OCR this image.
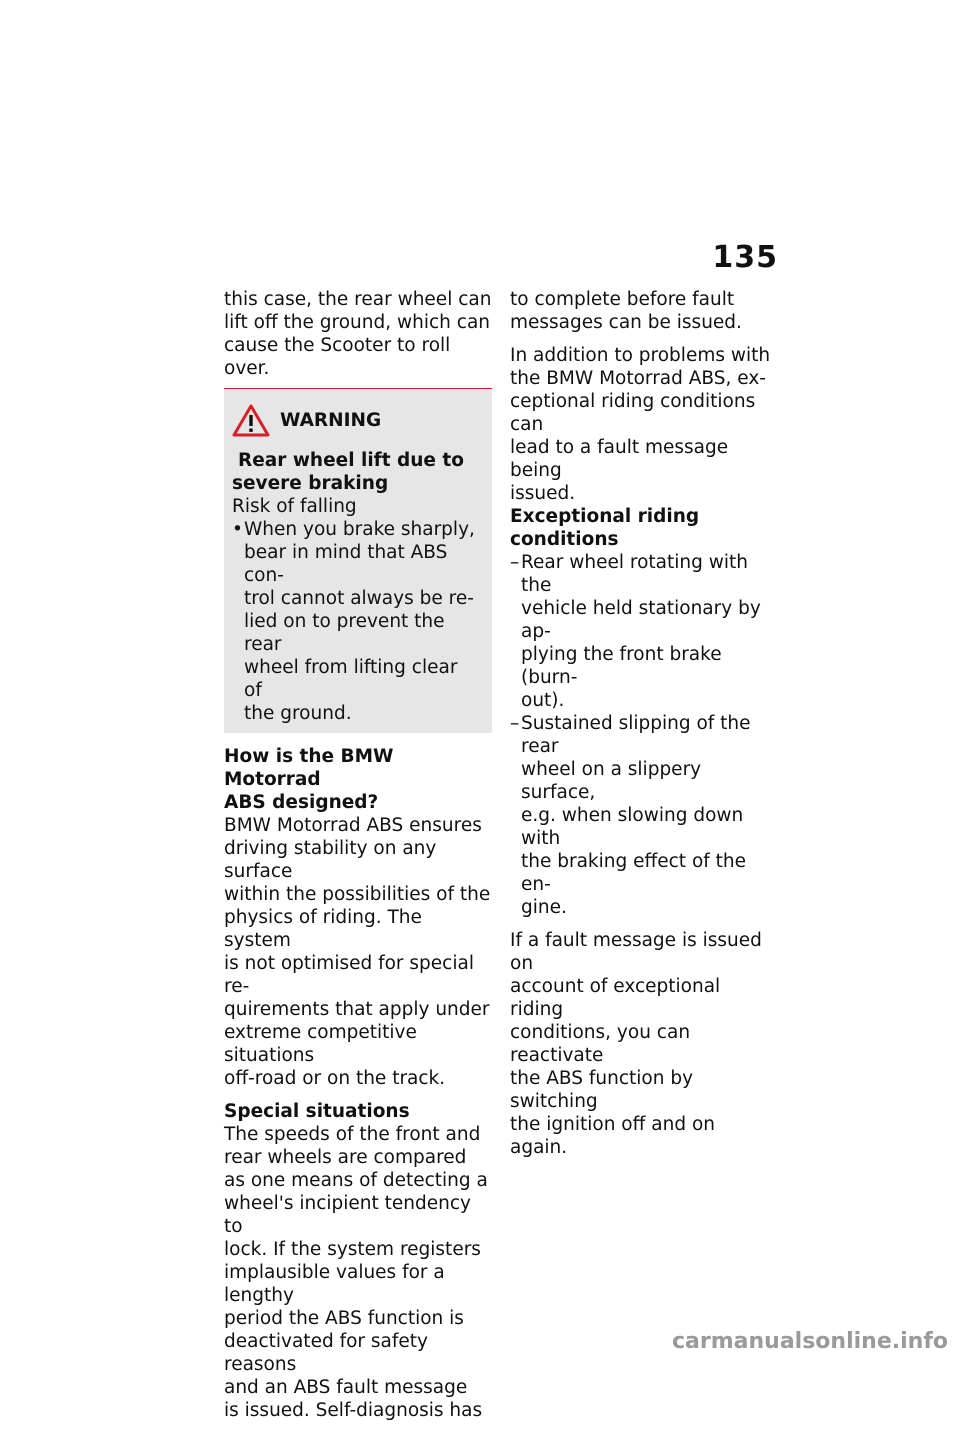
135

this case, the rear wheel can
lift off the ground, which can
cause the Scooter to roll over.

WARNING
Rear wheel lift due to
severe braking
Risk of falling
• When you brake sharply,
bear in mind that ABS con-
trol cannot always be re-
lied on to prevent the rear
wheel from lifting clear of
the ground.

How is the BMW Motorrad
ABS designed?
BMW Motorrad ABS ensures
driving stability on any surface
within the possibilities of the
physics of riding. The system
is not optimised for special re-
quirements that apply under
extreme competitive situations
off-road or on the track.

Special situations
The speeds of the front and
rear wheels are compared
as one means of detecting a
wheel's incipient tendency to
lock. If the system registers
implausible values for a lengthy
period the ABS function is
deactivated for safety reasons
and an ABS fault message
is issued. Self-diagnosis has

to complete before fault
messages can be issued.

In addition to problems with
the BMW Motorrad ABS, ex-
ceptional riding conditions can
lead to a fault message being
issued.

Exceptional riding conditions
– Rear wheel rotating with the
vehicle held stationary by ap-
plying the front brake (burn-
out).
– Sustained slipping of the rear
wheel on a slippery surface,
e.g. when slowing down with
the braking effect of the en-
gine.

If a fault message is issued on
account of exceptional riding
conditions, you can reactivate
the ABS function by switching
the ignition off and on again.

carmanualsonline.info
